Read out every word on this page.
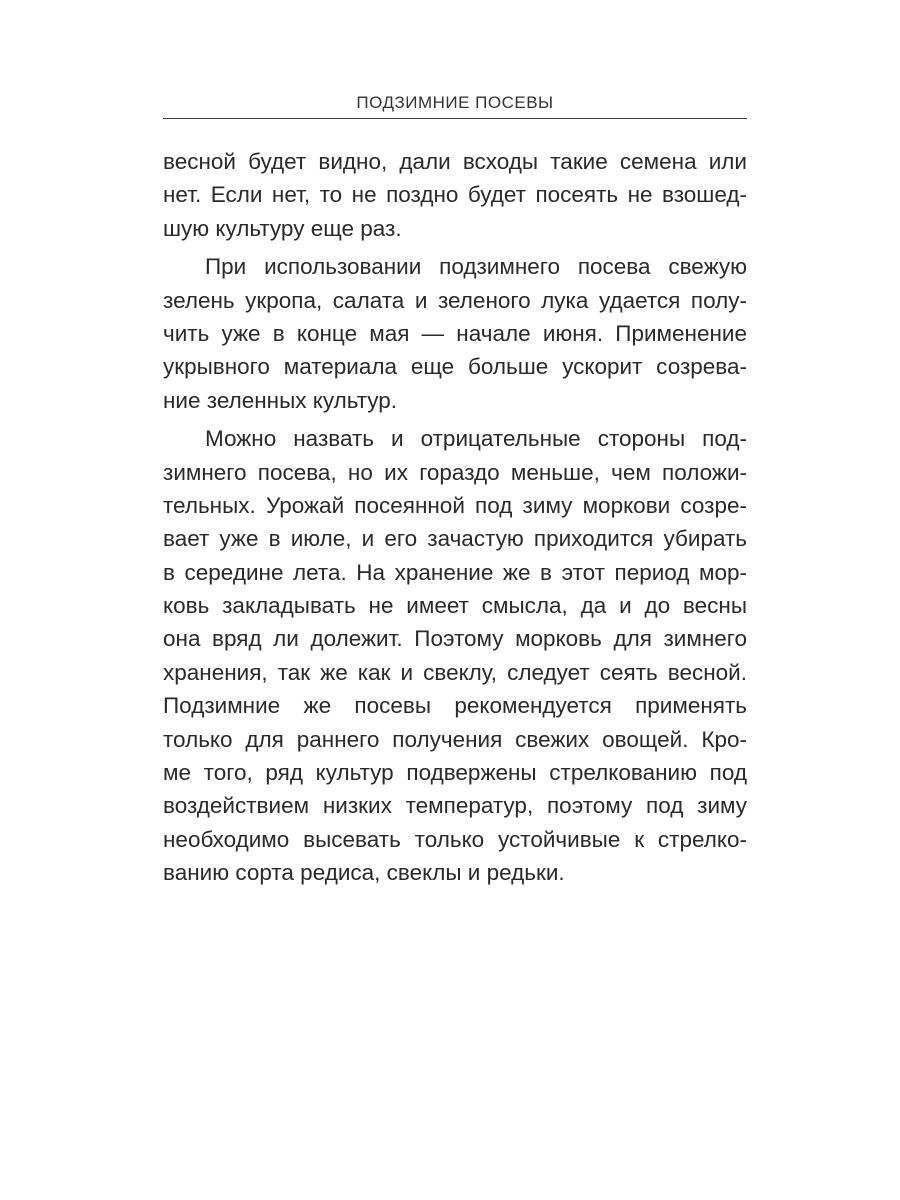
ПОДЗИМНИЕ ПОСЕВЫ
весной будет видно, дали всходы такие семена или
нет. Если нет, то не поздно будет посеять не взошед-
шую культуру еще раз.
При использовании подзимнего посева свежую
зелень укропа, салата и зеленого лука удается полу-
чить уже в конце мая — начале июня. Применение
укрывного материала еще больше ускорит созрева-
ние зеленных культур.
Можно назвать и отрицательные стороны под-
зимнего посева, но их гораздо меньше, чем положи-
тельных. Урожай посеянной под зиму моркови созре-
вает уже в июле, и его зачастую приходится убирать
в середине лета. На хранение же в этот период мор-
ковь закладывать не имеет смысла, да и до весны
она вряд ли долежит. Поэтому морковь для зимнего
хранения, так же как и свеклу, следует сеять весной.
Подзимние же посевы рекомендуется применять
только для раннего получения свежих овощей. Кро-
ме того, ряд культур подвержены стрелкованию под
воздействием низких температур, поэтому под зиму
необходимо высевать только устойчивые к стрелко-
ванию сорта редиса, свеклы и редьки.
